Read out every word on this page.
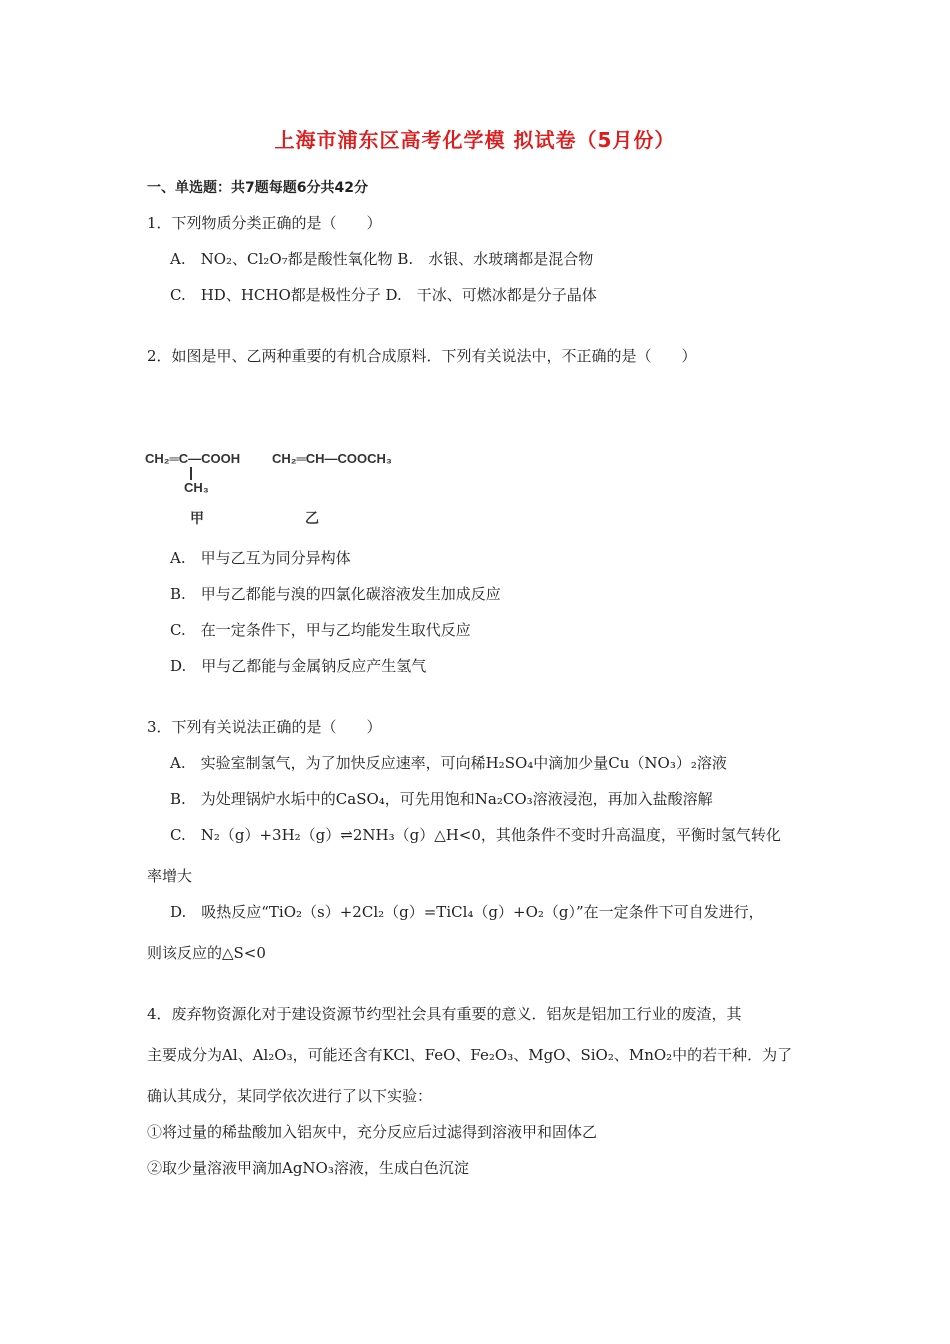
上海市浦东区高考化学模 拟试卷（5月份）
一、单选题：共7题每题6分共42分
1．下列物质分类正确的是（　　）
A.　NO₂、Cl₂O₇都是酸性氧化物 B.　水银、水玻璃都是混合物
C.　HD、HCHO都是极性分子 D.　干冰、可燃冰都是分子晶体
2．如图是甲、乙两种重要的有机合成原料．下列有关说法中，不正确的是（　　）
CH₂═C—COOH
CH₃
CH₂═CH—COOCH₃
甲	乙
A.　甲与乙互为同分异构体
B.　甲与乙都能与溴的四氯化碳溶液发生加成反应
C.　在一定条件下，甲与乙均能发生取代反应
D.　甲与乙都能与金属钠反应产生氢气
3．下列有关说法正确的是（　　）
A.　实验室制氢气，为了加快反应速率，可向稀H₂SO₄中滴加少量Cu（NO₃）₂溶液
B.　为处理锅炉水垢中的CaSO₄，可先用饱和Na₂CO₃溶液浸泡，再加入盐酸溶解
C.　N₂（g）+3H₂（g）⇌2NH₃（g）△H<0，其他条件不变时升高温度，平衡时氢气转化
率增大
D.　吸热反应“TiO₂（s）+2Cl₂（g）=TiCl₄（g）+O₂（g）”在一定条件下可自发进行，
则该反应的△S<0
4．废弃物资源化对于建设资源节约型社会具有重要的意义．铝灰是铝加工行业的废渣，其
主要成分为Al、Al₂O₃，可能还含有KCl、FeO、Fe₂O₃、MgO、SiO₂、MnO₂中的若干种．为了
确认其成分，某同学依次进行了以下实验：
①将过量的稀盐酸加入铝灰中，充分反应后过滤得到溶液甲和固体乙
②取少量溶液甲滴加AgNO₃溶液，生成白色沉淀
